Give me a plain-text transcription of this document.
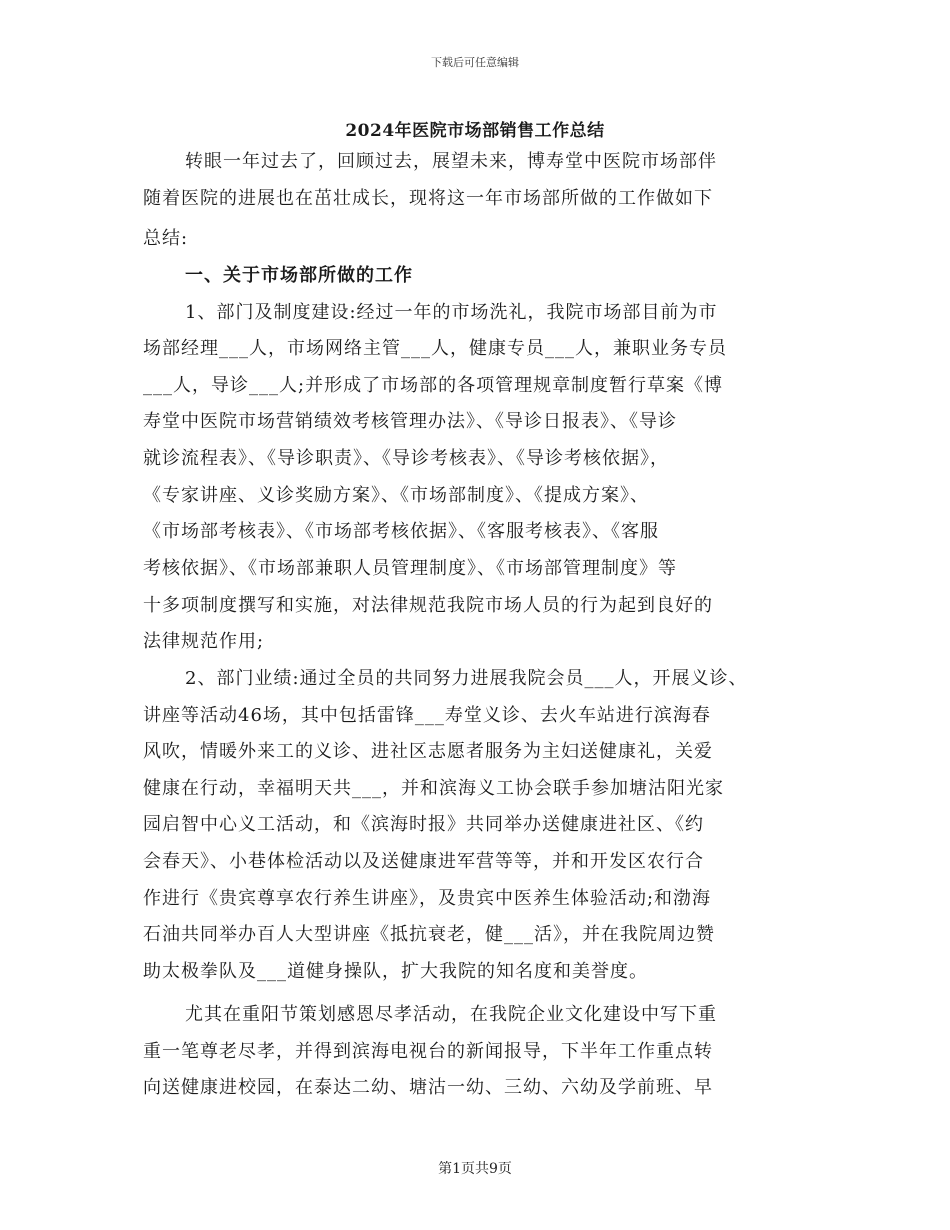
下载后可任意编辑
2024年医院市场部销售工作总结
转眼一年过去了，回顾过去，展望未来，博寿堂中医院市场部伴
随着医院的进展也在茁壮成长，现将这一年市场部所做的工作做如下
总结:
一、关于市场部所做的工作
1、部门及制度建设:经过一年的市场洗礼，我院市场部目前为市
场部经理___人，市场网络主管___人，健康专员___人，兼职业务专员
___人，导诊___人;并形成了市场部的各项管理规章制度暂行草案《博
寿堂中医院市场营销绩效考核管理办法》、《导诊日报表》、《导诊
就诊流程表》、《导诊职责》、《导诊考核表》、《导诊考核依据》，
《专家讲座、义诊奖励方案》、《市场部制度》、《提成方案》、
《市场部考核表》、《市场部考核依据》、《客服考核表》、《客服
考核依据》、《市场部兼职人员管理制度》、《市场部管理制度》等
十多项制度撰写和实施，对法律规范我院市场人员的行为起到良好的
法律规范作用;
2、部门业绩:通过全员的共同努力进展我院会员___人，开展义诊、
讲座等活动46场，其中包括雷锋___寿堂义诊、去火车站进行滨海春
风吹，情暖外来工的义诊、进社区志愿者服务为主妇送健康礼，关爱
健康在行动，幸福明天共___，并和滨海义工协会联手参加塘沽阳光家
园启智中心义工活动，和《滨海时报》共同举办送健康进社区、《约
会春天》、小巷体检活动以及送健康进军营等等，并和开发区农行合
作进行《贵宾尊享农行养生讲座》，及贵宾中医养生体验活动;和渤海
石油共同举办百人大型讲座《抵抗衰老，健___活》，并在我院周边赞
助太极拳队及___道健身操队，扩大我院的知名度和美誉度。
尤其在重阳节策划感恩尽孝活动，在我院企业文化建设中写下重
重一笔尊老尽孝，并得到滨海电视台的新闻报导，下半年工作重点转
向送健康进校园，在泰达二幼、塘沽一幼、三幼、六幼及学前班、早
第1页共9页
